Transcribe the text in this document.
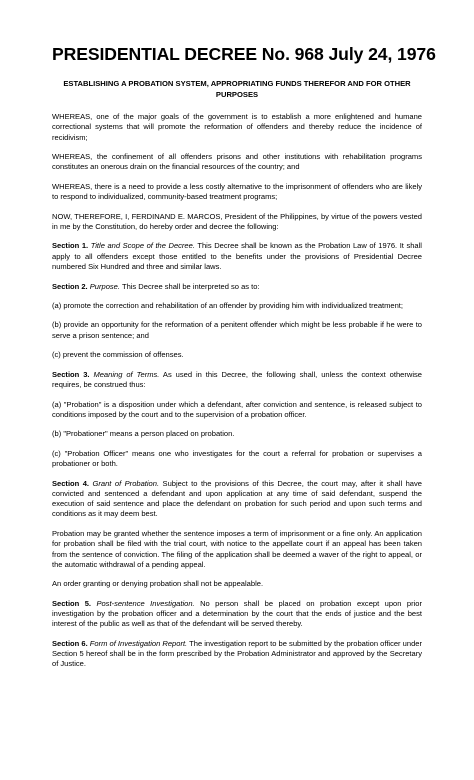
PRESIDENTIAL DECREE No. 968 July 24, 1976
ESTABLISHING A PROBATION SYSTEM, APPROPRIATING FUNDS THEREFOR AND FOR OTHER PURPOSES

WHEREAS, one of the major goals of the government is to establish a more enlightened and humane correctional systems that will promote the reformation of offenders and thereby reduce the incidence of recidivism;

WHEREAS, the confinement of all offenders prisons and other institutions with rehabilitation programs constitutes an onerous drain on the financial resources of the country; and

WHEREAS, there is a need to provide a less costly alternative to the imprisonment of offenders who are likely to respond to individualized, community-based treatment programs;

NOW, THEREFORE, I, FERDINAND E. MARCOS, President of the Philippines, by virtue of the powers vested in me by the Constitution, do hereby order and decree the following:

Section 1. Title and Scope of the Decree. This Decree shall be known as the Probation Law of 1976. It shall apply to all offenders except those entitled to the benefits under the provisions of Presidential Decree numbered Six Hundred and three and similar laws.

Section 2. Purpose. This Decree shall be interpreted so as to:

(a) promote the correction and rehabilitation of an offender by providing him with individualized treatment;

(b) provide an opportunity for the reformation of a penitent offender which might be less probable if he were to serve a prison sentence; and

(c) prevent the commission of offenses.

Section 3. Meaning of Terms. As used in this Decree, the following shall, unless the context otherwise requires, be construed thus:

(a) "Probation" is a disposition under which a defendant, after conviction and sentence, is released subject to conditions imposed by the court and to the supervision of a probation officer.

(b) "Probationer" means a person placed on probation.

(c) "Probation Officer" means one who investigates for the court a referral for probation or supervises a probationer or both.

Section 4. Grant of Probation. Subject to the provisions of this Decree, the court may, after it shall have convicted and sentenced a defendant and upon application at any time of said defendant, suspend the execution of said sentence and place the defendant on probation for such period and upon such terms and conditions as it may deem best.

Probation may be granted whether the sentence imposes a term of imprisonment or a fine only. An application for probation shall be filed with the trial court, with notice to the appellate court if an appeal has been taken from the sentence of conviction. The filing of the application shall be deemed a waver of the right to appeal, or the automatic withdrawal of a pending appeal.

An order granting or denying probation shall not be appealable.

Section 5. Post-sentence Investigation. No person shall be placed on probation except upon prior investigation by the probation officer and a determination by the court that the ends of justice and the best interest of the public as well as that of the defendant will be served thereby.

Section 6. Form of Investigation Report. The investigation report to be submitted by the probation officer under Section 5 hereof shall be in the form prescribed by the Probation Administrator and approved by the Secretary of Justice.
